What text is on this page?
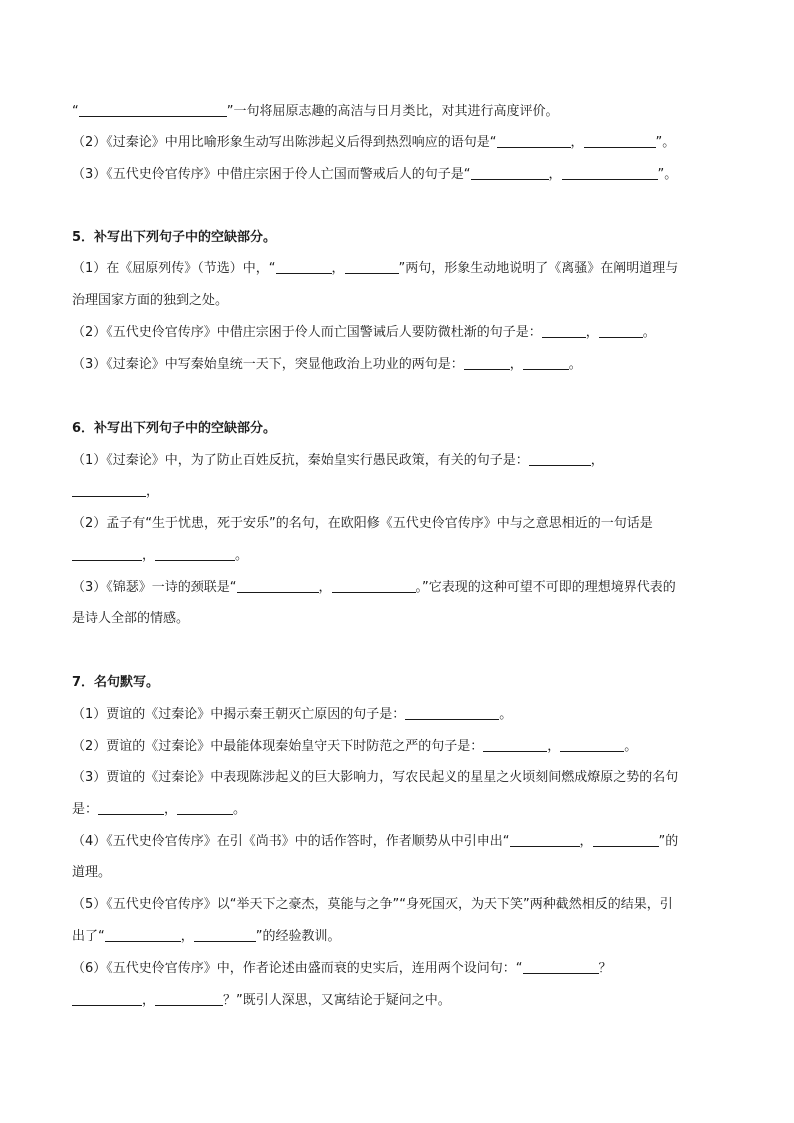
“	”一句将屈原志趣的高洁与日月类比，对其进行高度评价。
（2）《过秦论》中用比喻形象生动写出陈涉起义后得到热烈响应的语句是“	，	”。
（3）《五代史伶官传序》中借庄宗困于伶人亡国而警戒后人的句子是“	，	”。
5．补写出下列句子中的空缺部分。
（1）在《屈原列传》（节选）中，“	，	”两句，形象生动地说明了《离骚》在阐明道理与
治理国家方面的独到之处。
（2）《五代史伶官传序》中借庄宗困于伶人而亡国警诫后人要防微杜渐的句子是：	，	。
（3）《过秦论》中写秦始皇统一天下，突显他政治上功业的两句是：	，	。
6．补写出下列句子中的空缺部分。
（1）《过秦论》中，为了防止百姓反抗，秦始皇实行愚民政策，有关的句子是：	，
，
（2）孟子有“生于忧患，死于安乐”的名句，在欧阳修《五代史伶官传序》中与之意思相近的一句话是
，	。
（3）《锦瑟》一诗的颈联是“	，	。”它表现的这种可望不可即的理想境界代表的
是诗人全部的情感。
7．名句默写。
（1）贾谊的《过秦论》中揭示秦王朝灭亡原因的句子是：	。
（2）贾谊的《过秦论》中最能体现秦始皇守天下时防范之严的句子是：	，	。
（3）贾谊的《过秦论》中表现陈涉起义的巨大影响力，写农民起义的星星之火顷刻间燃成燎原之势的名句
是：	，	。
（4）《五代史伶官传序》在引《尚书》中的话作答时，作者顺势从中引申出“	，	”的
道理。
（5）《五代史伶官传序》以“举天下之豪杰，莫能与之争”“身死国灭，为天下笑”两种截然相反的结果，引
出了“	，	”的经验教训。
（6）《五代史伶官传序》中，作者论述由盛而衰的史实后，连用两个设问句：“	？
，	？”既引人深思，又寓结论于疑问之中。
